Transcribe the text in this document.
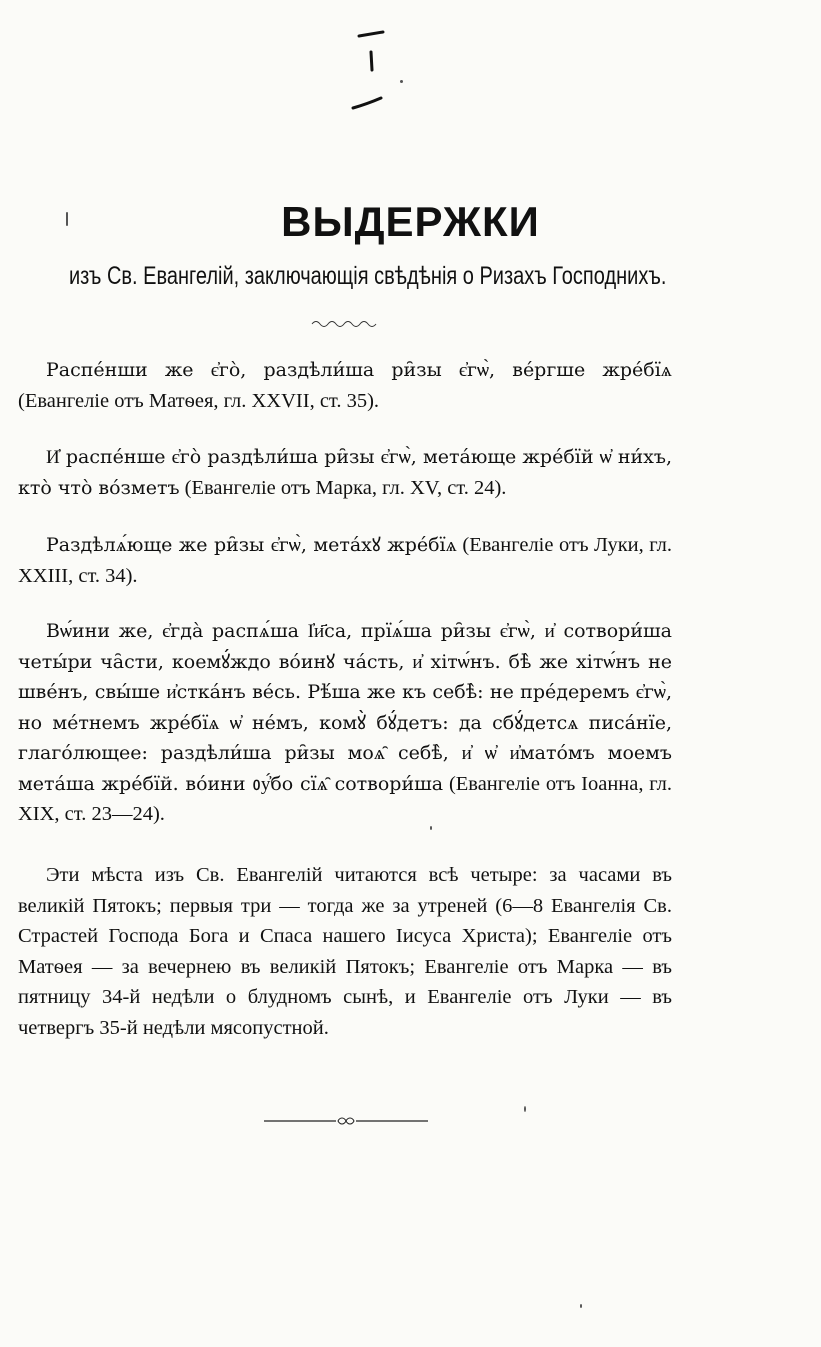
ВЫДЕРЖКИ

изъ Св. Евангелій, заключающія свѣдѣнія о Ризахъ Господнихъ.

Распе́нши же є҆го̀, раздѣли́ша ри̑зы є҆гѡ̀, ве́ргше жре́бїѧ (Евангеліе отъ Матѳея, гл. XXVII, ст. 35).

И҆ распе́нше є҆го̀ раздѣли́ша ри̑зы є҆гѡ̀, мета́юще жре́бїй ѡ҆ ни́хъ, кто̀ что̀ во́зметъ (Евангеліе отъ Марка, гл. XV, ст. 24).

Раздѣлѧ́юще же ри̑зы є҆гѡ̀, мета́хꙋ жре́бїѧ (Евангеліе отъ Луки, гл. XXIII, ст. 34).

Вѡ́ини же, є҆гда̀ распѧ́ша І҆и҃са, прїѧ́ша ри̑зы є҆гѡ̀, и҆ сотвори́ша четы́ри ча̑сти, коемꙋ́ждо во́инꙋ ча́сть, и҆ хітѡ́нъ. бѣ̀ же хітѡ́нъ не шве́нъ, свы́ше и҆стка́нъ ве́сь. Рѣ́ша же къ себѣ̀: не пре́деремъ є҆гѡ̀, но ме́тнемъ жре́бїѧ ѡ҆ не́мъ, комꙋ̀ бꙋ́детъ: да сбꙋ́детсѧ писа́нїе, глаго́лющее: раздѣли́ша ри̑зы моѧ̑ себѣ̀, и҆ ѡ҆ и҆мато́мъ моемъ мета́ша жре́бїй. во́ини ᲂу҆́бо сїѧ̑ сотвори́ша (Евангеліе отъ Іоанна, гл. XIX, ст. 23—24).

Эти мѣста изъ Св. Евангелій читаются всѣ четыре: за часами въ великій Пятокъ; первыя три — тогда же за утреней (6—8 Евангелія Св. Страстей Господа Бога и Спаса нашего Іисуса Христа); Евангеліе отъ Матѳея — за вечернею въ великій Пятокъ; Евангеліе отъ Марка — въ пятницу 34-й недѣли о блудномъ сынѣ, и Евангеліе отъ Луки — въ четвергъ 35-й недѣли мясопустной.
